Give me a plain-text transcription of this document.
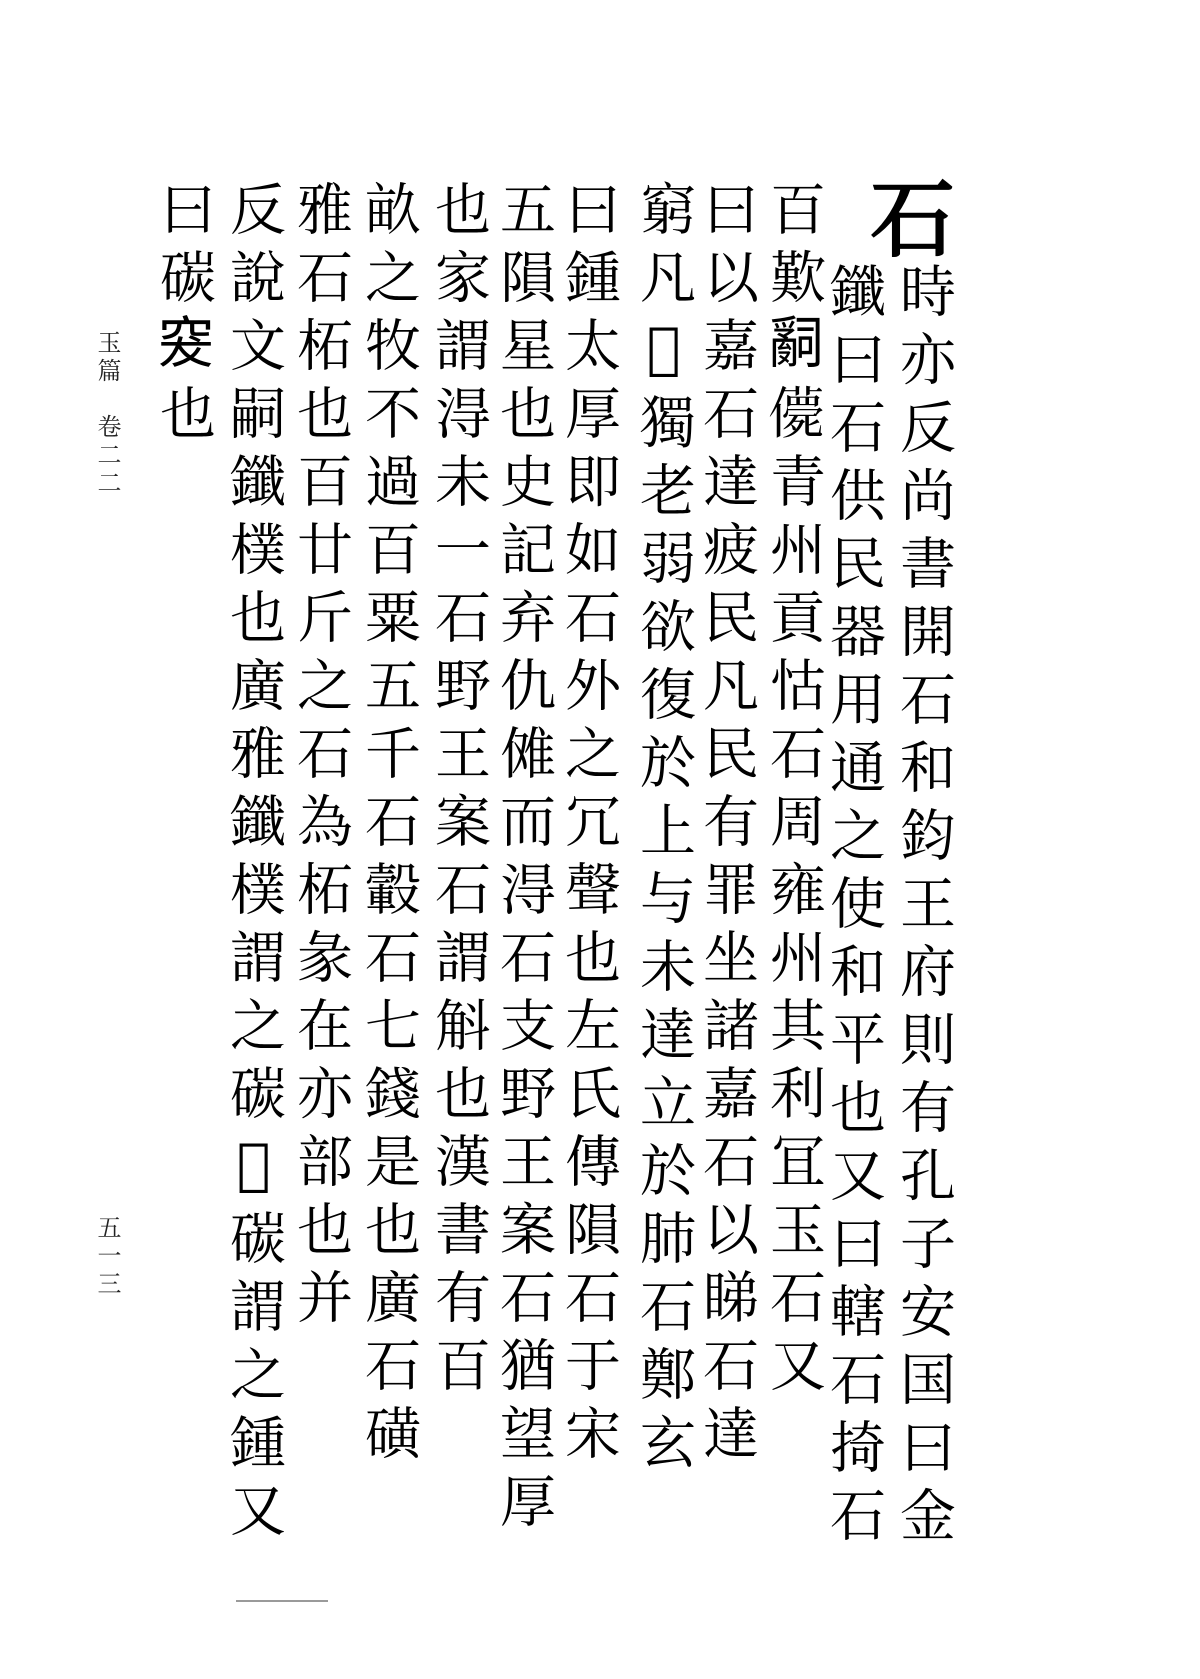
玉篇　卷二二
五一三
石
時亦反尚書開石和鈞王府則有孔子安国曰金
鑯曰石供民器用通之使和平也又曰轄石掎石
百歎𤔲𠐿青州貢怙石周雍州其利冝玉石又
曰以嘉石達疲民凡民有罪坐諸嘉石以睇石達
窮凡𤕨獨老弱欲復於上与未達立於肺石鄭玄
曰鍾太厚即如石外之冗聲也左氏傳隕石于宋
五隕星也史記弃仇傩而淂石支野王案石猶望厚
也家謂淂未一石野王案石謂斛也漢書有百
畝之牧不過百粟五千石轂石七錢是也廣石磺
雅石柘也百廿斤之石為柘彖在亦部也并
反說文嗣鑯樸也廣雅鑯樸謂之碳𠫤碳謂之鍾又
曰碳𥥛也
